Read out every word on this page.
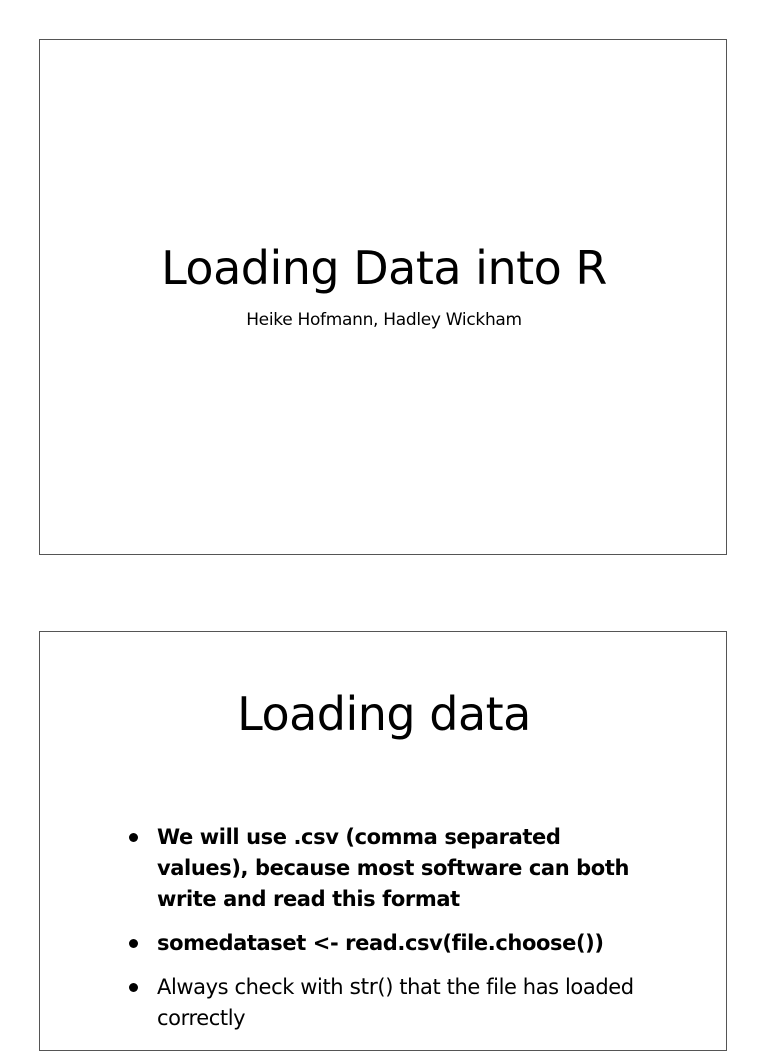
Loading Data into R
Heike Hofmann, Hadley Wickham
Loading data
We will use .csv (comma separated values), because most software can both write and read this format
somedataset <- read.csv(file.choose())
Always check with str() that the file has loaded correctly
